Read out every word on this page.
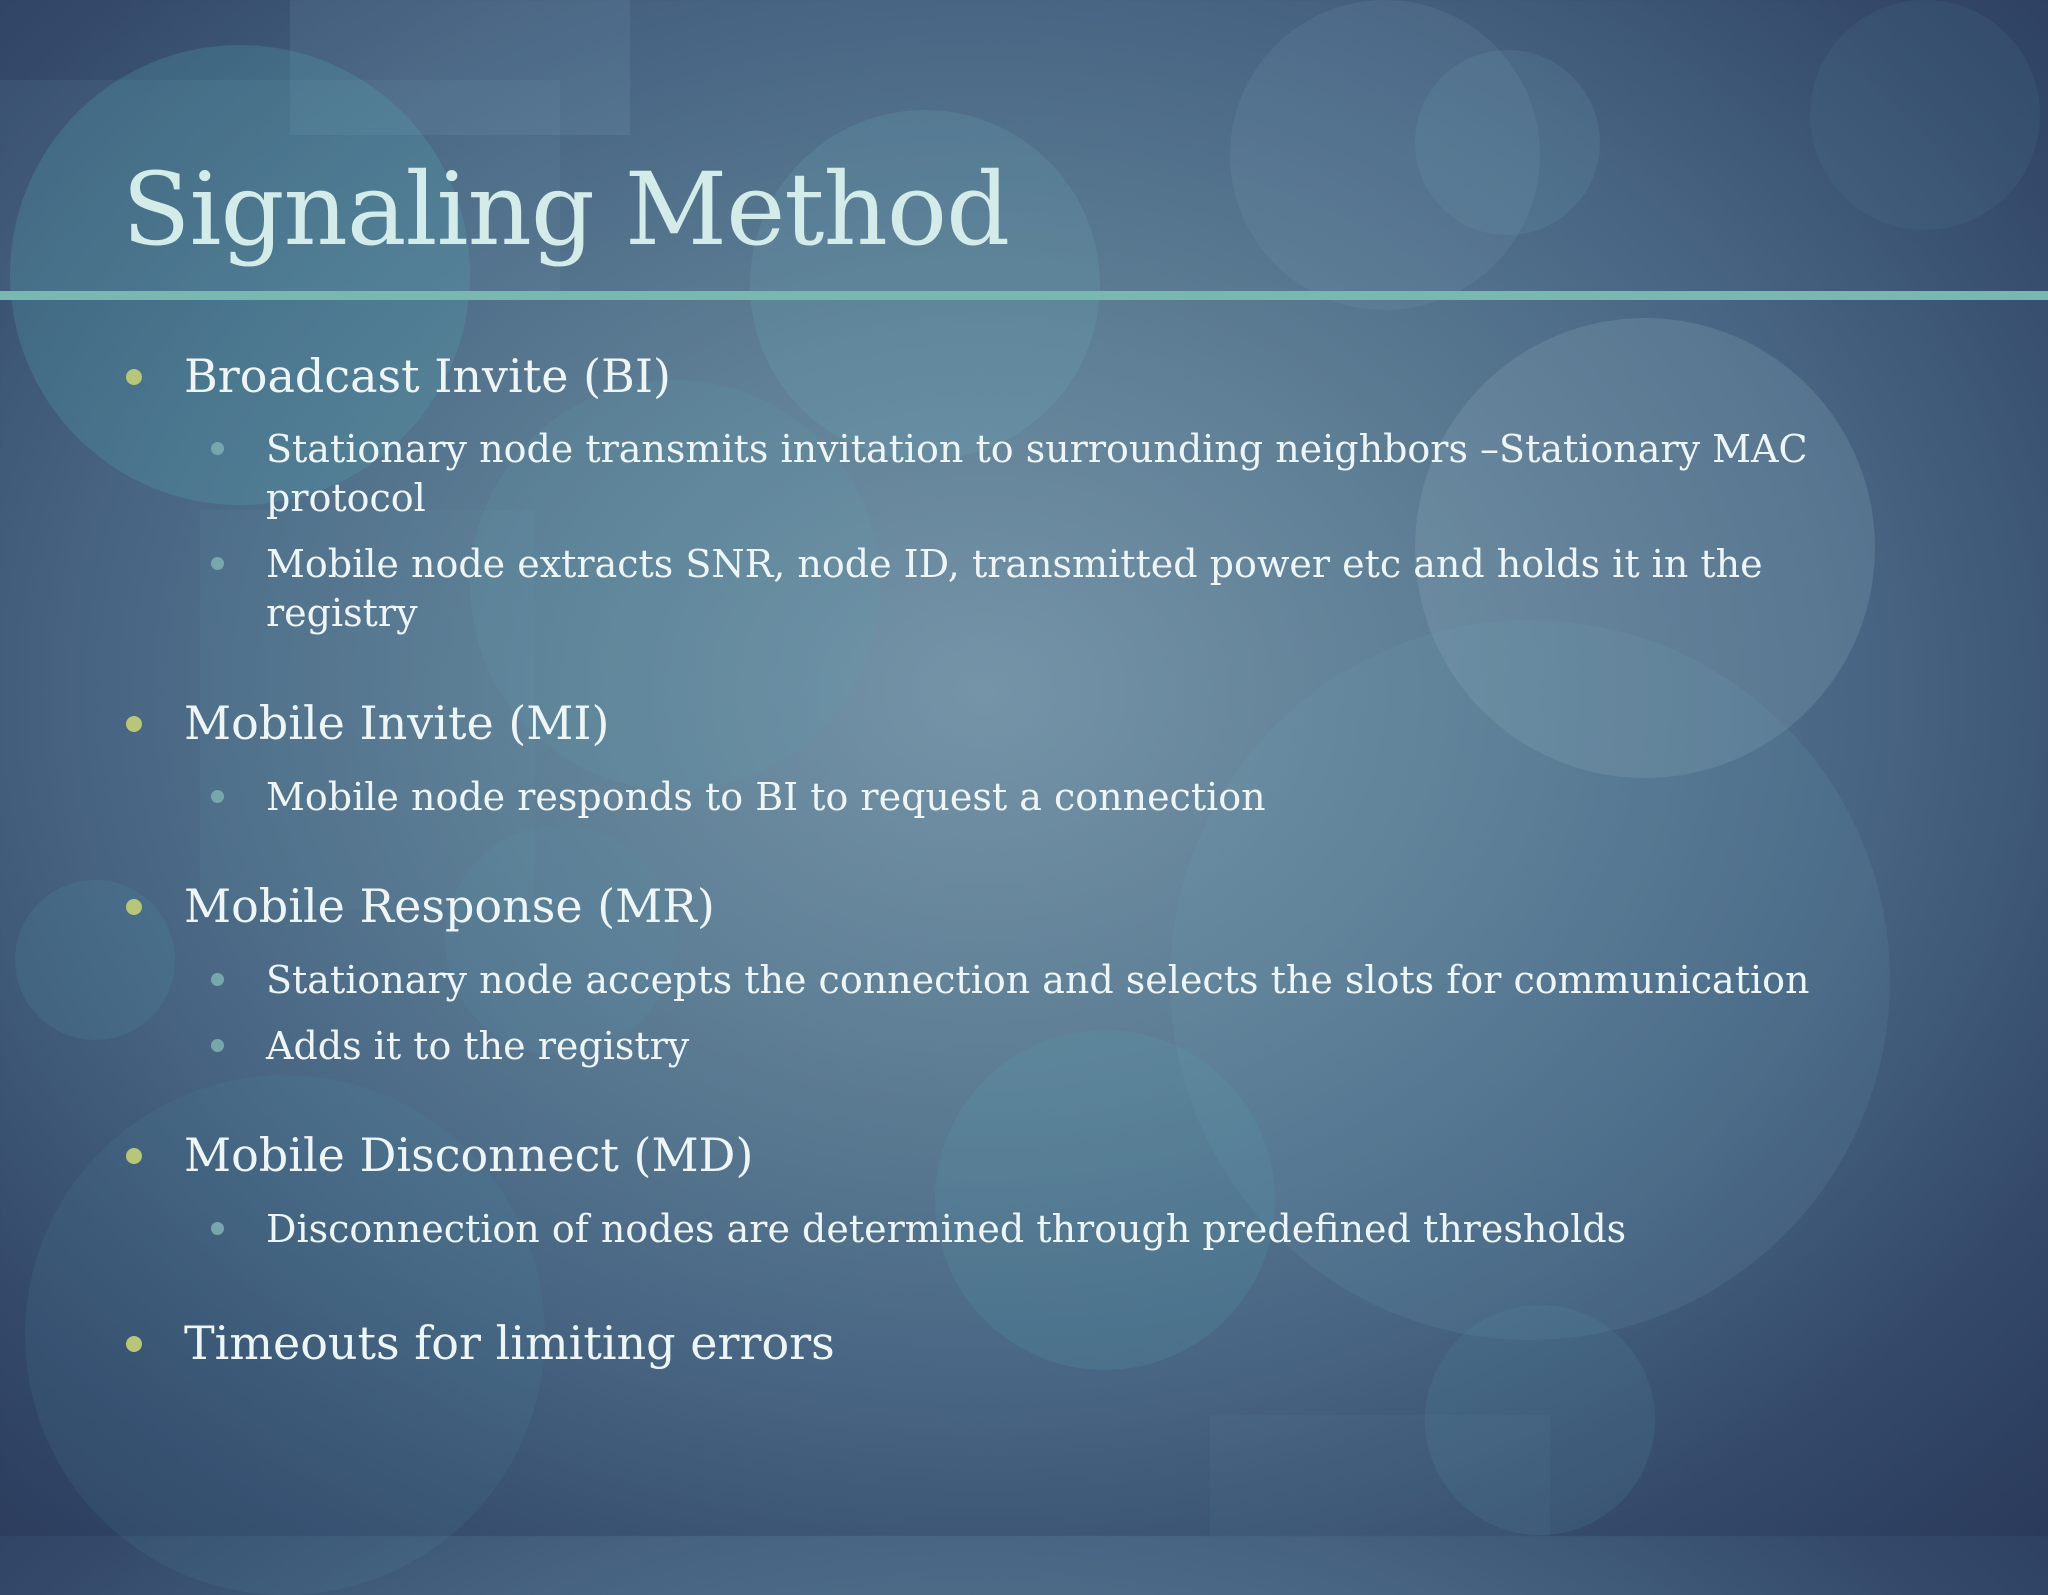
Signaling Method
Broadcast Invite (BI)
Stationary node transmits invitation to surrounding neighbors –Stationary MAC
protocol
Mobile node extracts SNR, node ID, transmitted power etc and holds it in the
registry
Mobile Invite (MI)
Mobile node responds to BI to request a connection
Mobile Response (MR)
Stationary node accepts the connection and selects the slots for communication
Adds it to the registry
Mobile Disconnect (MD)
Disconnection of nodes are determined through predefined thresholds
Timeouts for limiting errors
